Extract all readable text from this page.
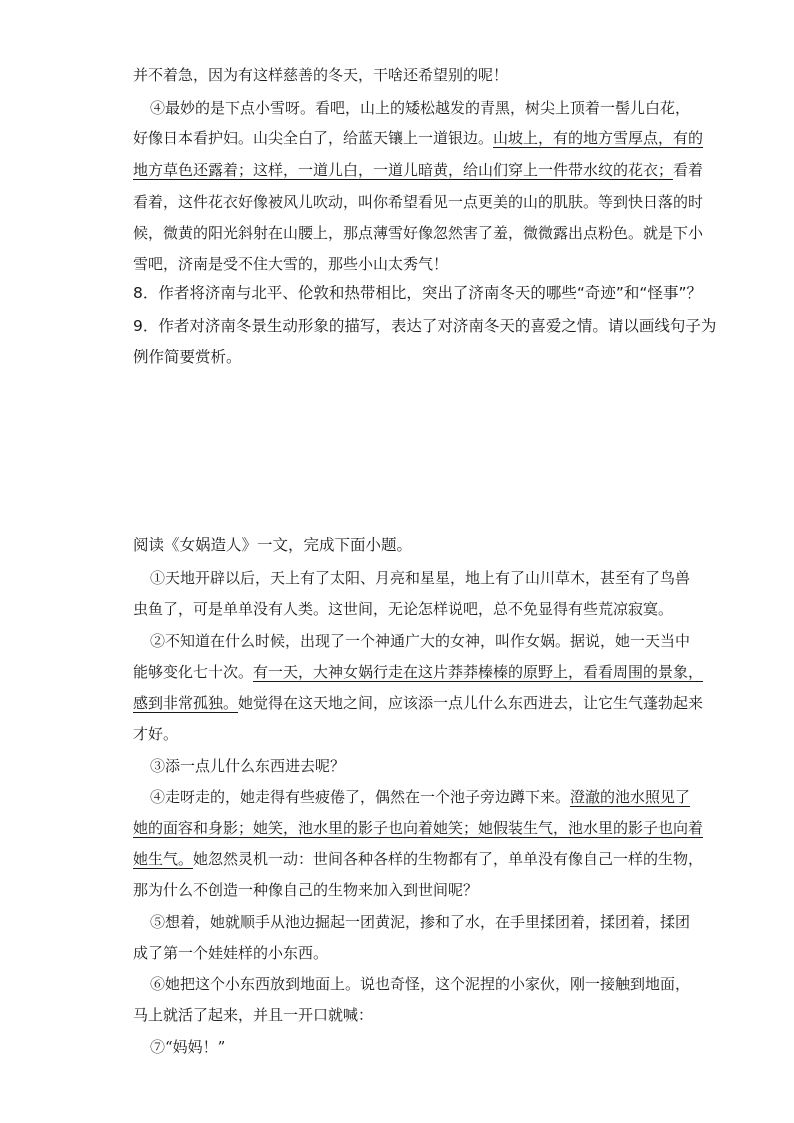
并不着急，因为有这样慈善的冬天，干啥还希望别的呢！
④最妙的是下点小雪呀。看吧，山上的矮松越发的青黑，树尖上顶着一髻儿白花，
好像日本看护妇。山尖全白了，给蓝天镶上一道银边。山坡上，有的地方雪厚点，有的
地方草色还露着；这样，一道儿白，一道儿暗黄，给山们穿上一件带水纹的花衣；看着
看着，这件花衣好像被风儿吹动，叫你希望看见一点更美的山的肌肤。等到快日落的时
候，微黄的阳光斜射在山腰上，那点薄雪好像忽然害了羞，微微露出点粉色。就是下小
雪吧，济南是受不住大雪的，那些小山太秀气！
8．作者将济南与北平、伦敦和热带相比，突出了济南冬天的哪些“奇迹”和“怪事”？
9．作者对济南冬景生动形象的描写，表达了对济南冬天的喜爱之情。请以画线句子为
例作简要赏析。
阅读《女娲造人》一文，完成下面小题。
①天地开辟以后，天上有了太阳、月亮和星星，地上有了山川草木，甚至有了鸟兽
虫鱼了，可是单单没有人类。这世间，无论怎样说吧，总不免显得有些荒凉寂寞。
②不知道在什么时候，出现了一个神通广大的女神，叫作女娲。据说，她一天当中
能够变化七十次。有一天，大神女娲行走在这片莽莽榛榛的原野上，看看周围的景象，
感到非常孤独。她觉得在这天地之间，应该添一点儿什么东西进去，让它生气蓬勃起来
才好。
③添一点儿什么东西进去呢？
④走呀走的，她走得有些疲倦了，偶然在一个池子旁边蹲下来。澄澈的池水照见了
她的面容和身影；她笑，池水里的影子也向着她笑；她假装生气，池水里的影子也向着
她生气。她忽然灵机一动：世间各种各样的生物都有了，单单没有像自己一样的生物，
那为什么不创造一种像自己的生物来加入到世间呢？
⑤想着，她就顺手从池边掘起一团黄泥，掺和了水，在手里揉团着，揉团着，揉团
成了第一个娃娃样的小东西。
⑥她把这个小东西放到地面上。说也奇怪，这个泥捏的小家伙，刚一接触到地面，
马上就活了起来，并且一开口就喊：
⑦“妈妈！”
